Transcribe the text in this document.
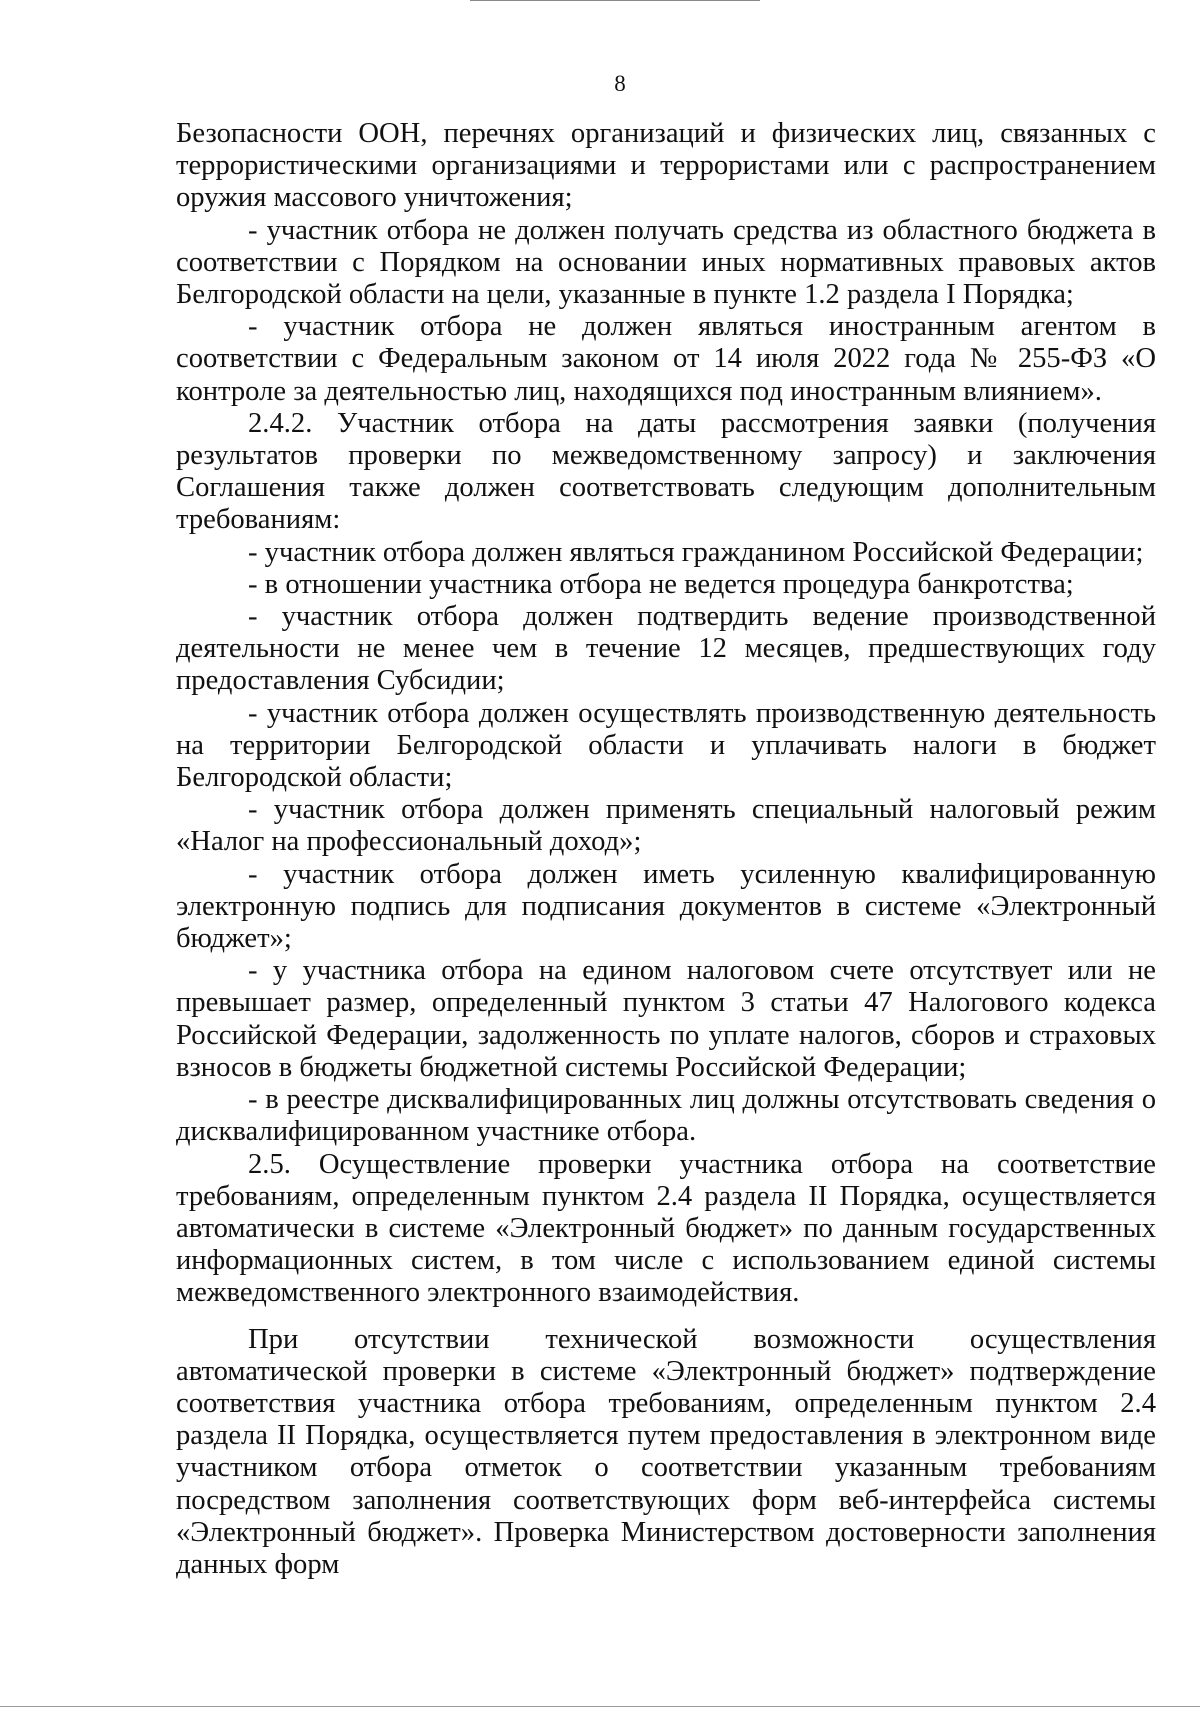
8

Безопасности ООН, перечнях организаций и физических лиц, связанных с террористическими организациями и террористами или с распространением оружия массового уничтожения;

- участник отбора не должен получать средства из областного бюджета в соответствии с Порядком на основании иных нормативных правовых актов Белгородской области на цели, указанные в пункте 1.2 раздела I Порядка;

- участник отбора не должен являться иностранным агентом в соответствии с Федеральным законом от 14 июля 2022 года № 255-ФЗ «О контроле за деятельностью лиц, находящихся под иностранным влиянием».

2.4.2. Участник отбора на даты рассмотрения заявки (получения результатов проверки по межведомственному запросу) и заключения Соглашения также должен соответствовать следующим дополнительным требованиям:

- участник отбора должен являться гражданином Российской Федерации;

- в отношении участника отбора не ведется процедура банкротства;

- участник отбора должен подтвердить ведение производственной деятельности не менее чем в течение 12 месяцев, предшествующих году предоставления Субсидии;

- участник отбора должен осуществлять производственную деятельность на территории Белгородской области и уплачивать налоги в бюджет Белгородской области;

- участник отбора должен применять специальный налоговый режим «Налог на профессиональный доход»;

- участник отбора должен иметь усиленную квалифицированную электронную подпись для подписания документов в системе «Электронный бюджет»;

- у участника отбора на едином налоговом счете отсутствует или не превышает размер, определенный пунктом 3 статьи 47 Налогового кодекса Российской Федерации, задолженность по уплате налогов, сборов и страховых взносов в бюджеты бюджетной системы Российской Федерации;

- в реестре дисквалифицированных лиц должны отсутствовать сведения о дисквалифицированном участнике отбора.

2.5. Осуществление проверки участника отбора на соответствие требованиям, определенным пунктом 2.4 раздела II Порядка, осуществляется автоматически в системе «Электронный бюджет» по данным государственных информационных систем, в том числе с использованием единой системы межведомственного электронного взаимодействия.

При отсутствии технической возможности осуществления автоматической проверки в системе «Электронный бюджет» подтверждение соответствия участника отбора требованиям, определенным пунктом 2.4 раздела II Порядка, осуществляется путем предоставления в электронном виде участником отбора отметок о соответствии указанным требованиям посредством заполнения соответствующих форм веб-интерфейса системы «Электронный бюджет». Проверка Министерством достоверности заполнения данных форм
